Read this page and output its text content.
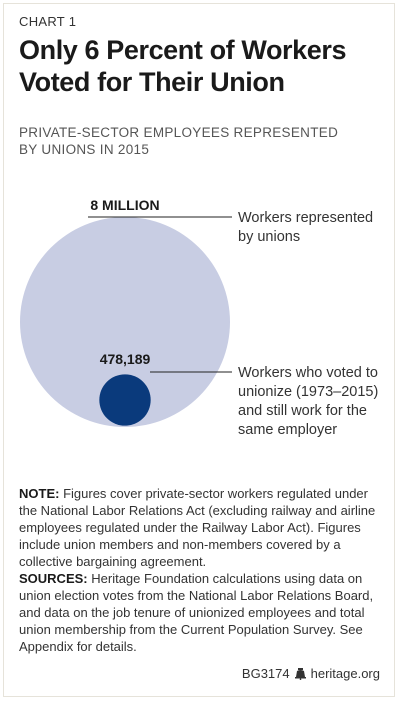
CHART 1
Only 6 Percent of Workers Voted for Their Union
PRIVATE-SECTOR EMPLOYEES REPRESENTED BY UNIONS IN 2015
8 MILLION
478,189
Workers represented
by unions
Workers who voted to
unionize (1973–2015)
and still work for the
same employer

NOTE: Figures cover private-sector workers regulated under the National Labor Relations Act (excluding railway and airline employees regulated under the Railway Labor Act). Figures include union members and non-members covered by a collective bargaining agreement.

SOURCES: Heritage Foundation calculations using data on union election votes from the National Labor Relations Board, and data on the job tenure of unionized employees and total union membership from the Current Population Survey. See Appendix for details.

BG3174 heritage.org
